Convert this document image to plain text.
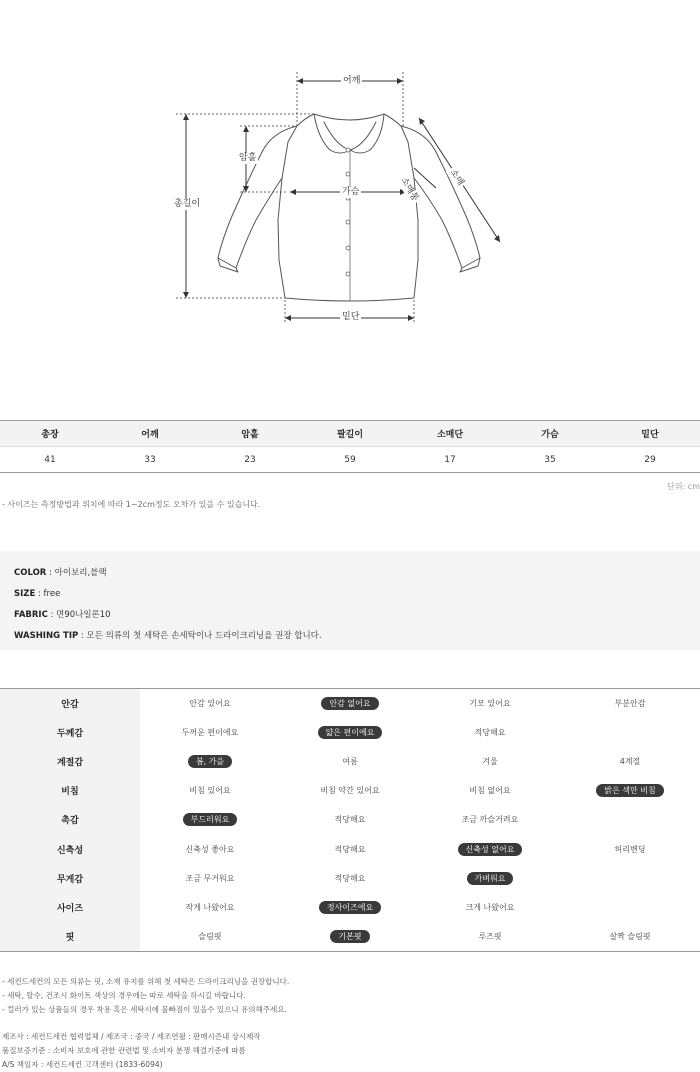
어깨
암홀
총길이
가슴	소매통	소매
밑단
총장	어깨	암홀	팔길이	소매단	가슴	밑단
41	33	23	59	17	35	29
단위: cm
- 사이즈는 측정방법과 위치에 따라 1~2cm정도 오차가 있을 수 있습니다.
COLOR : 아이보리,블랙
SIZE : free
FABRIC : 면90나일론10
WASHING TIP : 모든 의류의 첫 세탁은 손세탁이나 드라이크리닝을 권장 합니다.
안감	안감 있어요	안감 없어요	기모 있어요	부분안감
두께감	두꺼운 편이에요	얇은 편이에요	적당해요
계절감	봄, 가을	여름	겨울	4계절
비침	비침 있어요	비침 약간 있어요	비침 없어요	밝은 색만 비침
촉감	부드러워요	적당해요	조금 까슬거려요
신축성	신축성 좋아요	적당해요	신축성 없어요	허리밴딩
무게감	조금 무거워요	적당해요	가벼워요
사이즈	작게 나왔어요	정사이즈에요	크게 나왔어요
핏	슬림핏	기본핏	루즈핏	살짝 슬림핏
- 세컨드세컨의 모든 의류는 핏, 소재 유지를 위해 첫 세탁은 드라이크리닝을 권장합니다.
- 세탁, 탈수, 건조시 화이트 색상의 경우에는 따로 세탁을 하시길 바랍니다.
- 컬러가 있는 상품들의 경우 착용 혹은 세탁시에 물빠짐이 있을수 있으니 유의해주세요.
제조사 : 세컨드세컨 협력업체 / 제조국 : 중국 / 제조연월 : 판매시즌내 상시제작
품질보증기준 : 소비자 보호에 관한 관련법 및 소비자 분쟁 해결기준에 따름
A/S 책임자 : 세컨드세컨 고객센터 (1833-6094)
